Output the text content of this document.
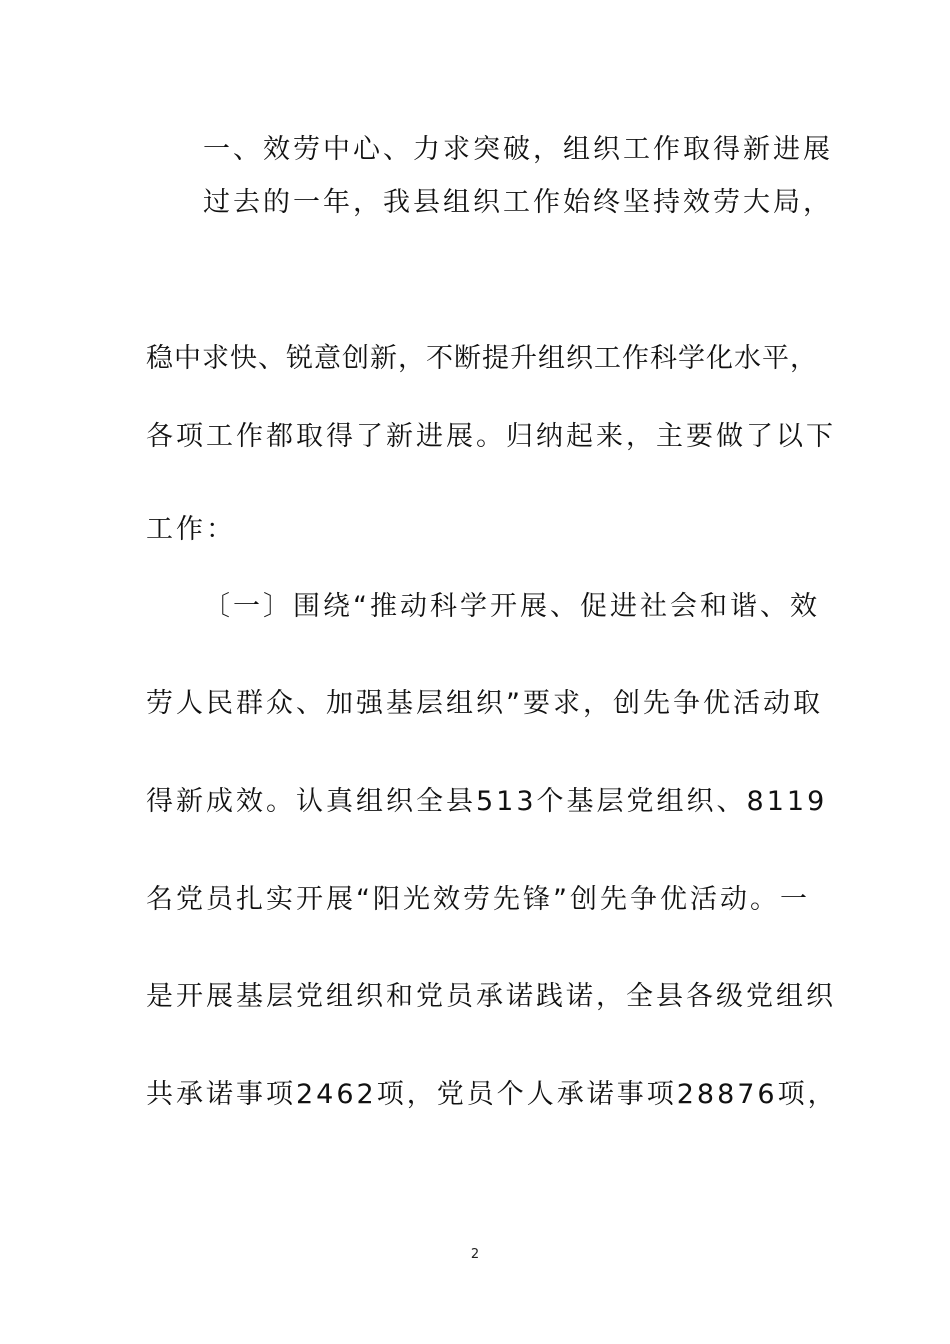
一、效劳中心、力求突破，组织工作取得新进展
过去的一年，我县组织工作始终坚持效劳大局，
稳中求快、锐意创新，不断提升组织工作科学化水平，
各项工作都取得了新进展。归纳起来，主要做了以下
工作：
〔一〕围绕“推动科学开展、促进社会和谐、效
劳人民群众、加强基层组织”要求，创先争优活动取
得新成效。认真组织全县513个基层党组织、8119
名党员扎实开展“阳光效劳先锋”创先争优活动。一
是开展基层党组织和党员承诺践诺，全县各级党组织
共承诺事项2462项，党员个人承诺事项28876项，
2
